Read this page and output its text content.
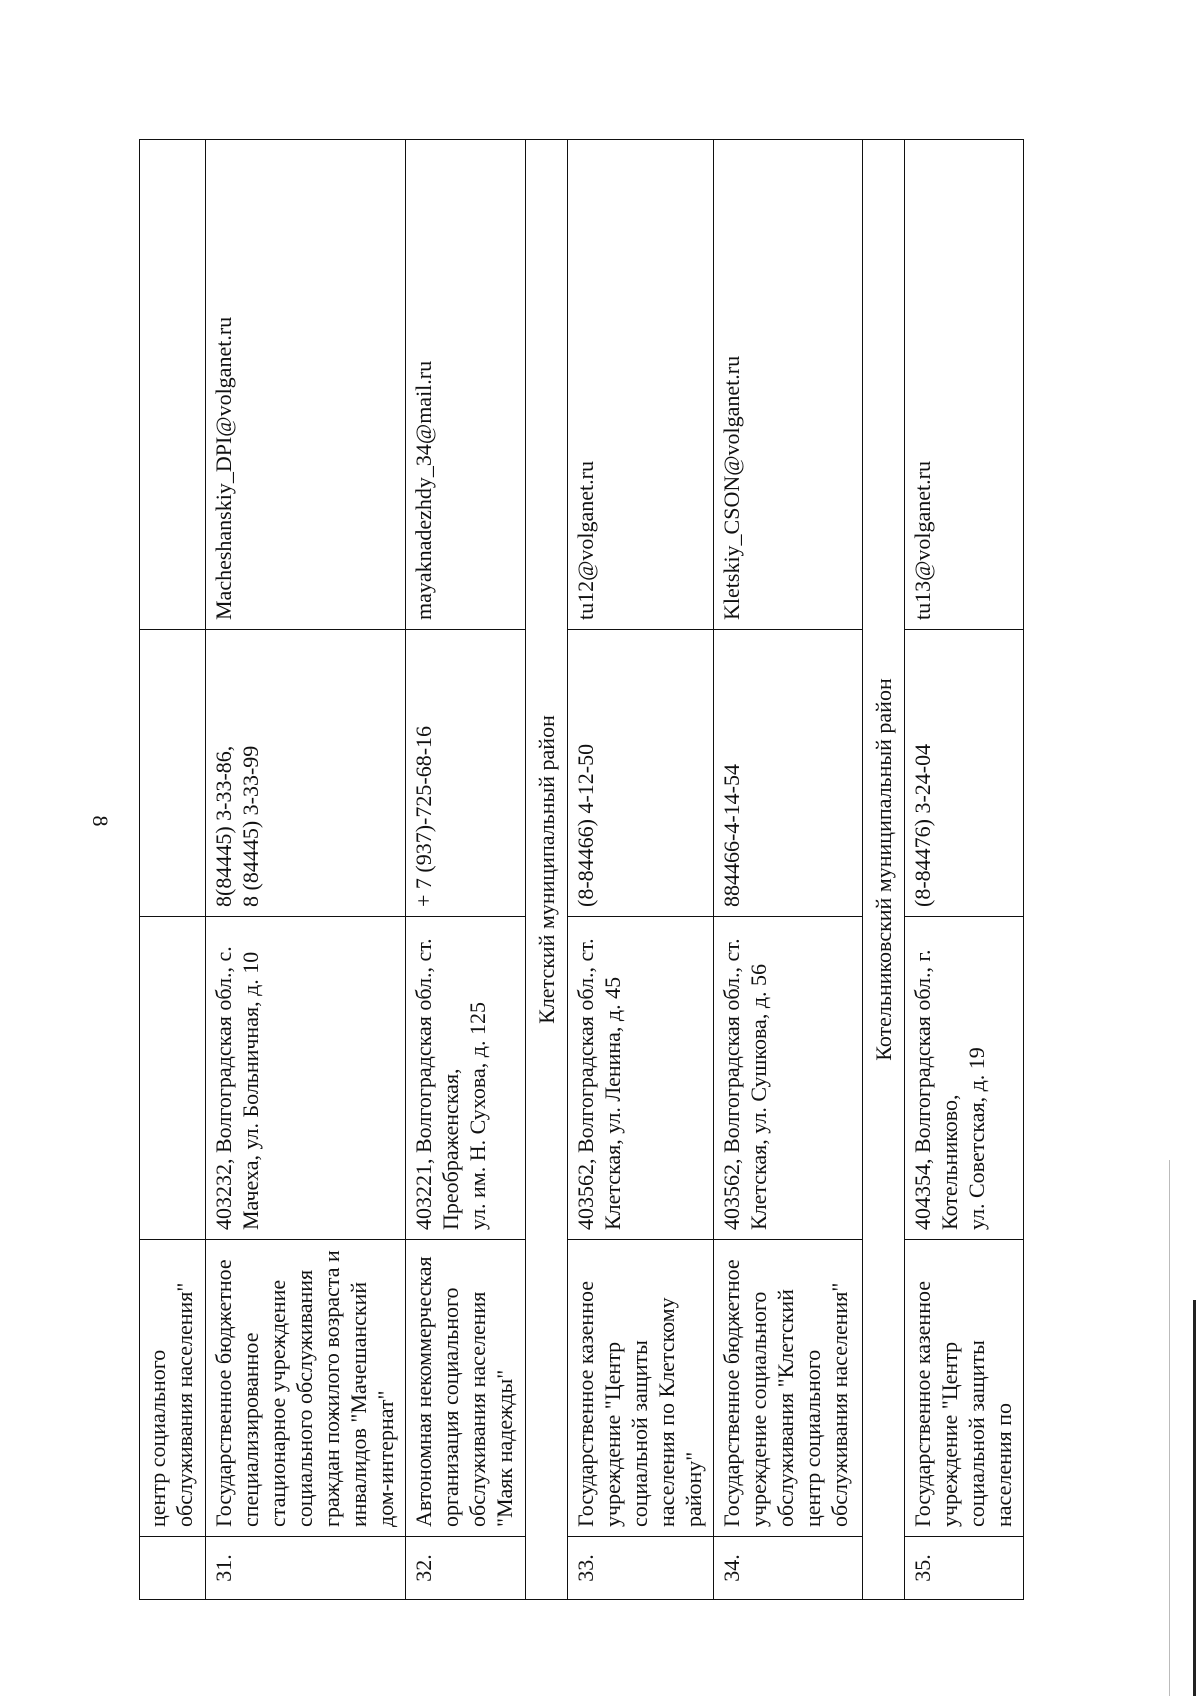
8
	центр социального
обслуживания населения"			
31.	Государственное бюджетное специализированное стационарное учреждение социального обслуживания граждан пожилого возраста и инвалидов "Мачешанский дом-интернат"	403232, Волгоградская обл., с. Мачеха, ул. Больничная, д. 10	8(84445) 3-33-86,
8 (84445) 3-33-99	Macheshanskiy_DPI@volganet.ru
32.	Автономная некоммерческая организация социального обслуживания населения "Маяк надежды"	403221, Волгоградская обл., ст. Преображенская,
ул. им. Н. Сухова, д. 125	+ 7 (937)-725-68-16	mayaknadezhdy_34@mail.ru
Клетский муниципальный район				
33.	Государственное казенное учреждение "Центр социальной защиты населения по Клетскому району"	403562, Волгоградская обл., ст. Клетская, ул. Ленина, д. 45	(8-84466) 4-12-50	tu12@volganet.ru
34.	Государственное бюджетное учреждение социального обслуживания "Клетский центр социального обслуживания населения"	403562, Волгоградская обл., ст. Клетская, ул. Сушкова, д. 56	884466-4-14-54	Kletskiy_CSON@volganet.ru
Котельниковский муниципальный район				
35.	Государственное казенное учреждение "Центр социальной защиты населения по	404354, Волгоградская обл., г. Котельниково,
ул. Советская, д. 19	(8-84476) 3-24-04	tu13@volganet.ru
